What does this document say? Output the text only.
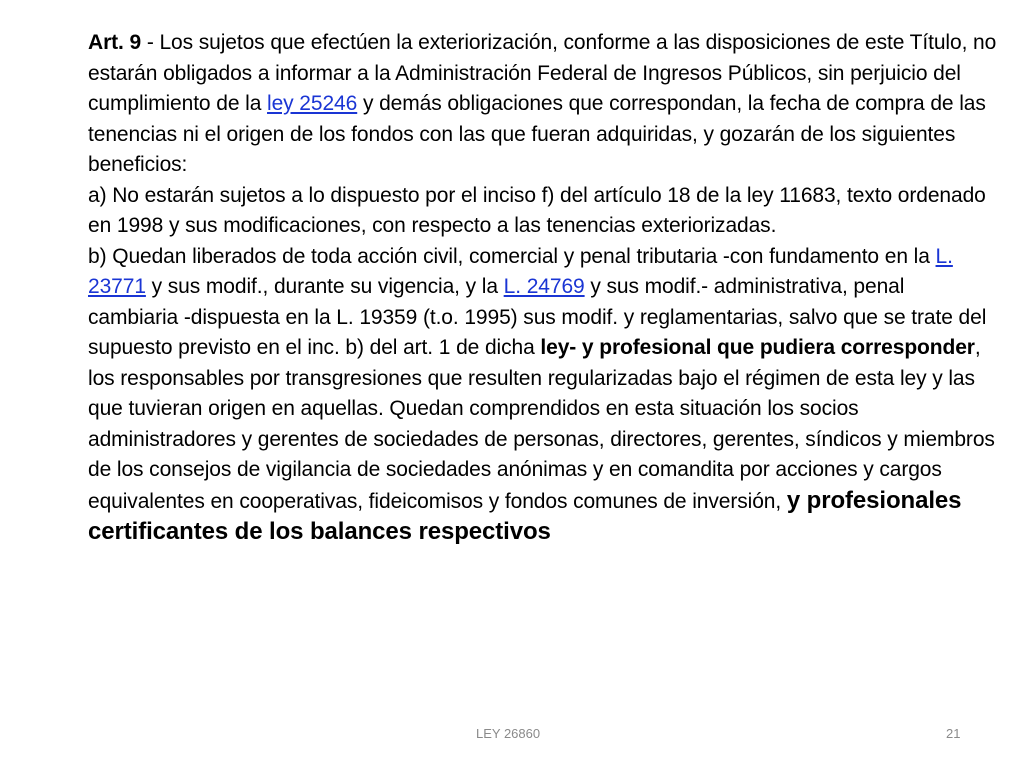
Art. 9 - Los sujetos que efectúen la exteriorización, conforme a las disposiciones de este Título, no estarán obligados a informar a la Administración Federal de Ingresos Públicos, sin perjuicio del cumplimiento de la ley 25246 y demás obligaciones que correspondan, la fecha de compra de las tenencias ni el origen de los fondos con las que fueran adquiridas, y gozarán de los siguientes beneficios:

a) No estarán sujetos a lo dispuesto por el inciso f) del artículo 18 de la ley 11683, texto ordenado en 1998 y sus modificaciones, con respecto a las tenencias exteriorizadas.

b) Quedan liberados de toda acción civil, comercial y penal tributaria -con fundamento en la L. 23771 y sus modif., durante su vigencia, y la L. 24769 y sus modif.- administrativa, penal cambiaria -dispuesta en la L. 19359 (t.o. 1995) sus modif. y reglamentarias, salvo que se trate del supuesto previsto en el inc. b) del art. 1 de dicha ley- y profesional que pudiera corresponder, los responsables por transgresiones que resulten regularizadas bajo el régimen de esta ley y las que tuvieran origen en aquellas. Quedan comprendidos en esta situación los socios administradores y gerentes de sociedades de personas, directores, gerentes, síndicos y miembros de los consejos de vigilancia de sociedades anónimas y en comandita por acciones y cargos equivalentes en cooperativas, fideicomisos y fondos comunes de inversión, y profesionales certificantes de los balances respectivos

LEY 26860	21
